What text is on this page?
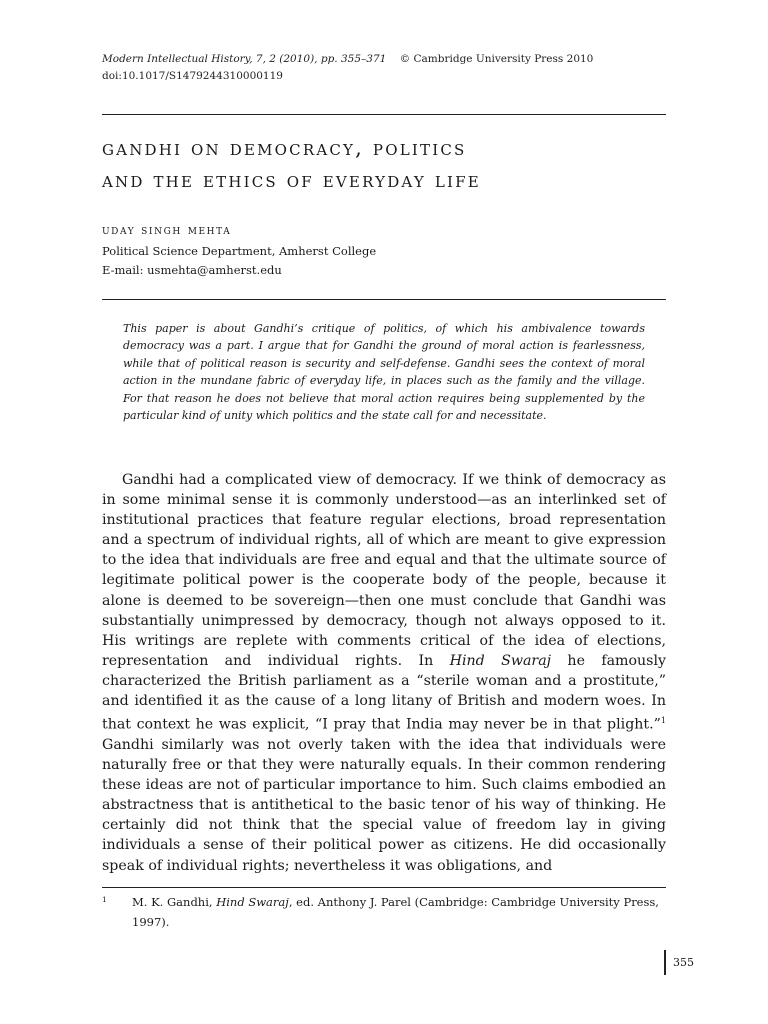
Modern Intellectual History, 7, 2 (2010), pp. 355–371 © Cambridge University Press 2010
doi:10.1017/S1479244310000119
gandhi on democracy, politics
and the ethics of everyday life
uday singh mehta
Political Science Department, Amherst College
E-mail: usmehta@amherst.edu
This paper is about Gandhi’s critique of politics, of which his ambivalence towards democracy was a part. I argue that for Gandhi the ground of moral action is fearlessness, while that of political reason is security and self-defense. Gandhi sees the context of moral action in the mundane fabric of everyday life, in places such as the family and the village. For that reason he does not believe that moral action requires being supplemented by the particular kind of unity which politics and the state call for and necessitate.

Gandhi had a complicated view of democracy. If we think of democracy as in some minimal sense it is commonly understood—as an interlinked set of institutional practices that feature regular elections, broad representation and a spectrum of individual rights, all of which are meant to give expression to the idea that individuals are free and equal and that the ultimate source of legitimate political power is the cooperate body of the people, because it alone is deemed to be sovereign—then one must conclude that Gandhi was substantially unimpressed by democracy, though not always opposed to it. His writings are replete with comments critical of the idea of elections, representation and individual rights. In Hind Swaraj he famously characterized the British parliament as a “sterile woman and a prostitute,” and identified it as the cause of a long litany of British and modern woes. In that context he was explicit, “I pray that India may never be in that plight.”$^1$ Gandhi similarly was not overly taken with the idea that individuals were naturally free or that they were naturally equals. In their common rendering these ideas are not of particular importance to him. Such claims embodied an abstractness that is antithetical to the basic tenor of his way of thinking. He certainly did not think that the special value of freedom lay in giving individuals a sense of their political power as citizens. He did occasionally speak of individual rights; nevertheless it was obligations, and

1 M. K. Gandhi, Hind Swaraj, ed. Anthony J. Parel (Cambridge: Cambridge University Press, 1997).
355
